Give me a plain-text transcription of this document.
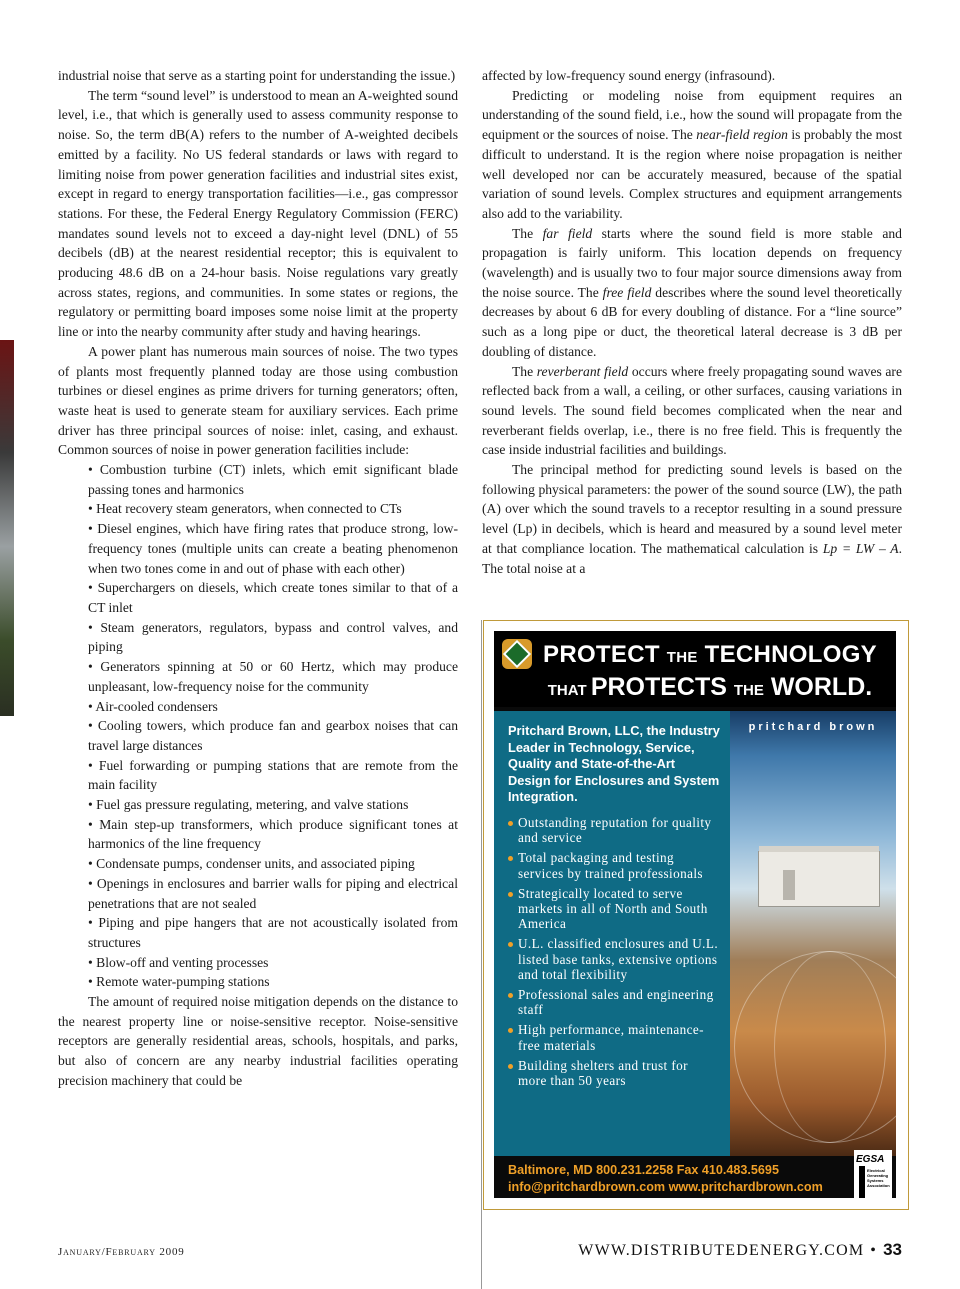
industrial noise that serve as a starting point for understanding the issue.)

The term “sound level” is understood to mean an A-weighted sound level, i.e., that which is generally used to assess community response to noise. So, the term dB(A) refers to the number of A-weighted decibels emitted by a facility. No US federal standards or laws with regard to limiting noise from power generation facilities and industrial sites exist, except in regard to energy transportation facilities—i.e., gas compressor stations. For these, the Federal Energy Regulatory Commission (FERC) mandates sound levels not to exceed a day-night level (DNL) of 55 decibels (dB) at the nearest residential receptor; this is equivalent to producing 48.6 dB on a 24-hour basis. Noise regulations vary greatly across states, regions, and communities. In some states or regions, the regulatory or permitting board imposes some noise limit at the property line or into the nearby community after study and having hearings.

A power plant has numerous main sources of noise. The two types of plants most frequently planned today are those using combustion turbines or diesel engines as prime drivers for turning generators; often, waste heat is used to generate steam for auxiliary services. Each prime driver has three principal sources of noise: inlet, casing, and exhaust. Common sources of noise in power generation facilities include:

• Combustion turbine (CT) inlets, which emit significant blade passing tones and harmonics
• Heat recovery steam generators, when connected to CTs
• Diesel engines, which have firing rates that produce strong, low-frequency tones (multiple units can create a beating phenomenon when two tones come in and out of phase with each other)
• Superchargers on diesels, which create tones similar to that of a CT inlet
• Steam generators, regulators, bypass and control valves, and piping
• Generators spinning at 50 or 60 Hertz, which may produce unpleasant, low-frequency noise for the community
• Air-cooled condensers
• Cooling towers, which produce fan and gearbox noises that can travel large distances
• Fuel forwarding or pumping stations that are remote from the main facility
• Fuel gas pressure regulating, metering, and valve stations
• Main step-up transformers, which produce significant tones at harmonics of the line frequency
• Condensate pumps, condenser units, and associated piping
• Openings in enclosures and barrier walls for piping and electrical penetrations that are not sealed
• Piping and pipe hangers that are not acoustically isolated from structures
• Blow-off and venting processes
• Remote water-pumping stations

The amount of required noise mitigation depends on the distance to the nearest property line or noise-sensitive receptor. Noise-sensitive receptors are generally residential areas, schools, hospitals, and parks, but also of concern are any nearby industrial facilities operating precision machinery that could be

affected by low-frequency sound energy (infrasound).

Predicting or modeling noise from equipment requires an understanding of the sound field, i.e., how the sound will propagate from the equipment or the sources of noise. The near-field region is probably the most difficult to understand. It is the region where noise propagation is neither well developed nor can be accurately measured, because of the spatial variation of sound levels. Complex structures and equipment arrangements also add to the variability.

The far field starts where the sound field is more stable and propagation is fairly uniform. This location depends on frequency (wavelength) and is usually two to four major source dimensions away from the noise source. The free field describes where the sound level theoretically decreases by about 6 dB for every doubling of distance. For a “line source” such as a long pipe or duct, the theoretical lateral decrease is 3 dB per doubling of distance.

The reverberant field occurs where freely propagating sound waves are reflected back from a wall, a ceiling, or other surfaces, causing variations in sound levels. The sound field becomes complicated when the near and reverberant fields overlap, i.e., there is no free field. This is frequently the case inside industrial facilities and buildings.

The principal method for predicting sound levels is based on the following physical parameters: the power of the sound source (LW), the path (A) over which the sound travels to a receptor resulting in a sound pressure level (Lp) in decibels, which is heard and measured by a sound level meter at that compliance location. The mathematical calculation is Lp = LW – A. The total noise at a

PROTECT THE TECHNOLOGY
THAT PROTECTS THE WORLD.
Pritchard Brown, LLC, the Industry Leader in Technology, Service, Quality and State-of-the-Art Design for Enclosures and System Integration.
Outstanding reputation for quality and service
Total packaging and testing services by trained professionals
Strategically located to serve markets in all of North and South America
U.L. classified enclosures and U.L. listed base tanks, extensive options and total flexibility
Professional sales and engineering staff
High performance, maintenance-free materials
Building shelters and trust for more than 50 years
pritchard brown
Baltimore, MD 800.231.2258 Fax 410.483.5695
info@pritchardbrown.com www.pritchardbrown.com
EGSA
Electrical Generating Systems Association
January/February 2009	WWW.DISTRIBUTEDENERGY.COM • 33
